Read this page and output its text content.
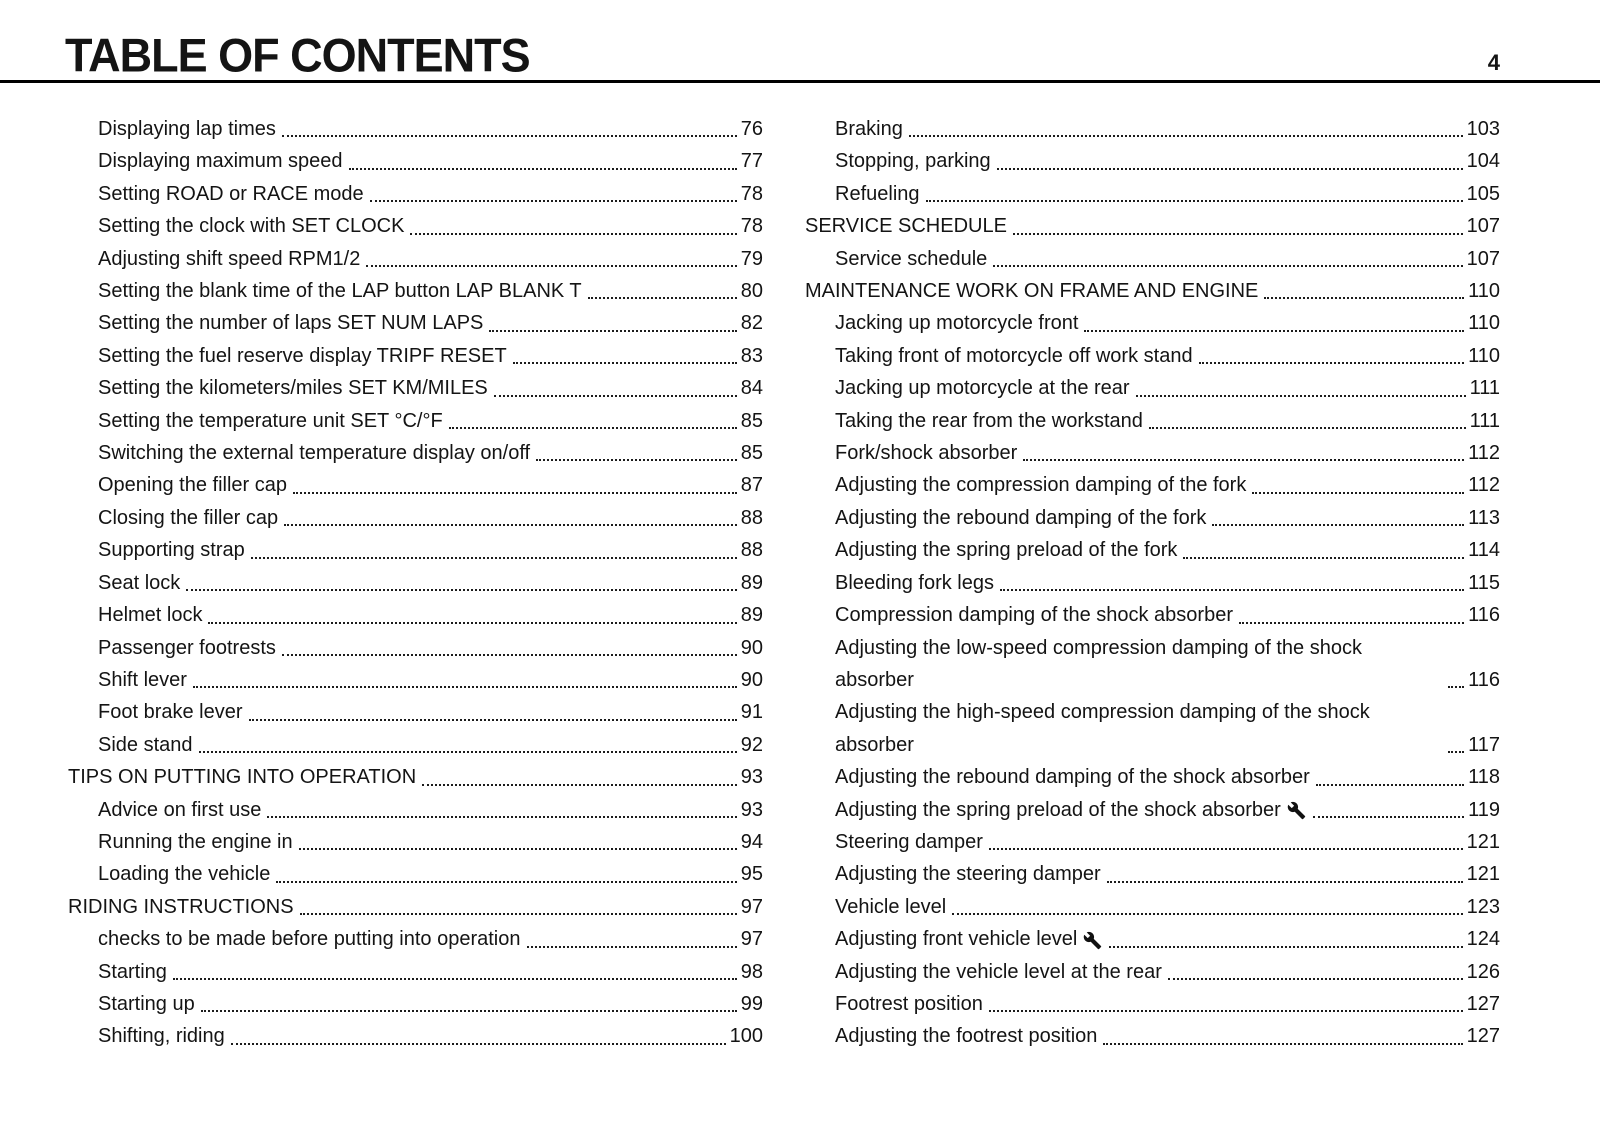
TABLE OF CONTENTS	4
Displaying lap times	76
Displaying maximum speed	77
Setting ROAD or RACE mode	78
Setting the clock with SET CLOCK	78
Adjusting shift speed RPM1/2	79
Setting the blank time of the LAP button LAP BLANK T	80
Setting the number of laps SET NUM LAPS	82
Setting the fuel reserve display TRIPF RESET	83
Setting the kilometers/miles SET KM/MILES	84
Setting the temperature unit SET °C/°F	85
Switching the external temperature display on/off	85
Opening the filler cap	87
Closing the filler cap	88
Supporting strap	88
Seat lock	89
Helmet lock	89
Passenger footrests	90
Shift lever	90
Foot brake lever	91
Side stand	92
TIPS ON PUTTING INTO OPERATION	93
Advice on first use	93
Running the engine in	94
Loading the vehicle	95
RIDING INSTRUCTIONS	97
checks to be made before putting into operation	97
Starting	98
Starting up	99
Shifting, riding	100
Braking	103
Stopping, parking	104
Refueling	105
SERVICE SCHEDULE	107
Service schedule	107
MAINTENANCE WORK ON FRAME AND ENGINE	110
Jacking up motorcycle front	110
Taking front of motorcycle off work stand	110
Jacking up motorcycle at the rear	111
Taking the rear from the workstand	111
Fork/shock absorber	112
Adjusting the compression damping of the fork	112
Adjusting the rebound damping of the fork	113
Adjusting the spring preload of the fork	114
Bleeding fork legs	115
Compression damping of the shock absorber	116
Adjusting the low-speed compression damping of the shock absorber	116
Adjusting the high-speed compression damping of the shock absorber	117
Adjusting the rebound damping of the shock absorber	118
Adjusting the spring preload of the shock absorber	119
Steering damper	121
Adjusting the steering damper	121
Vehicle level	123
Adjusting front vehicle level	124
Adjusting the vehicle level at the rear	126
Footrest position	127
Adjusting the footrest position	127
